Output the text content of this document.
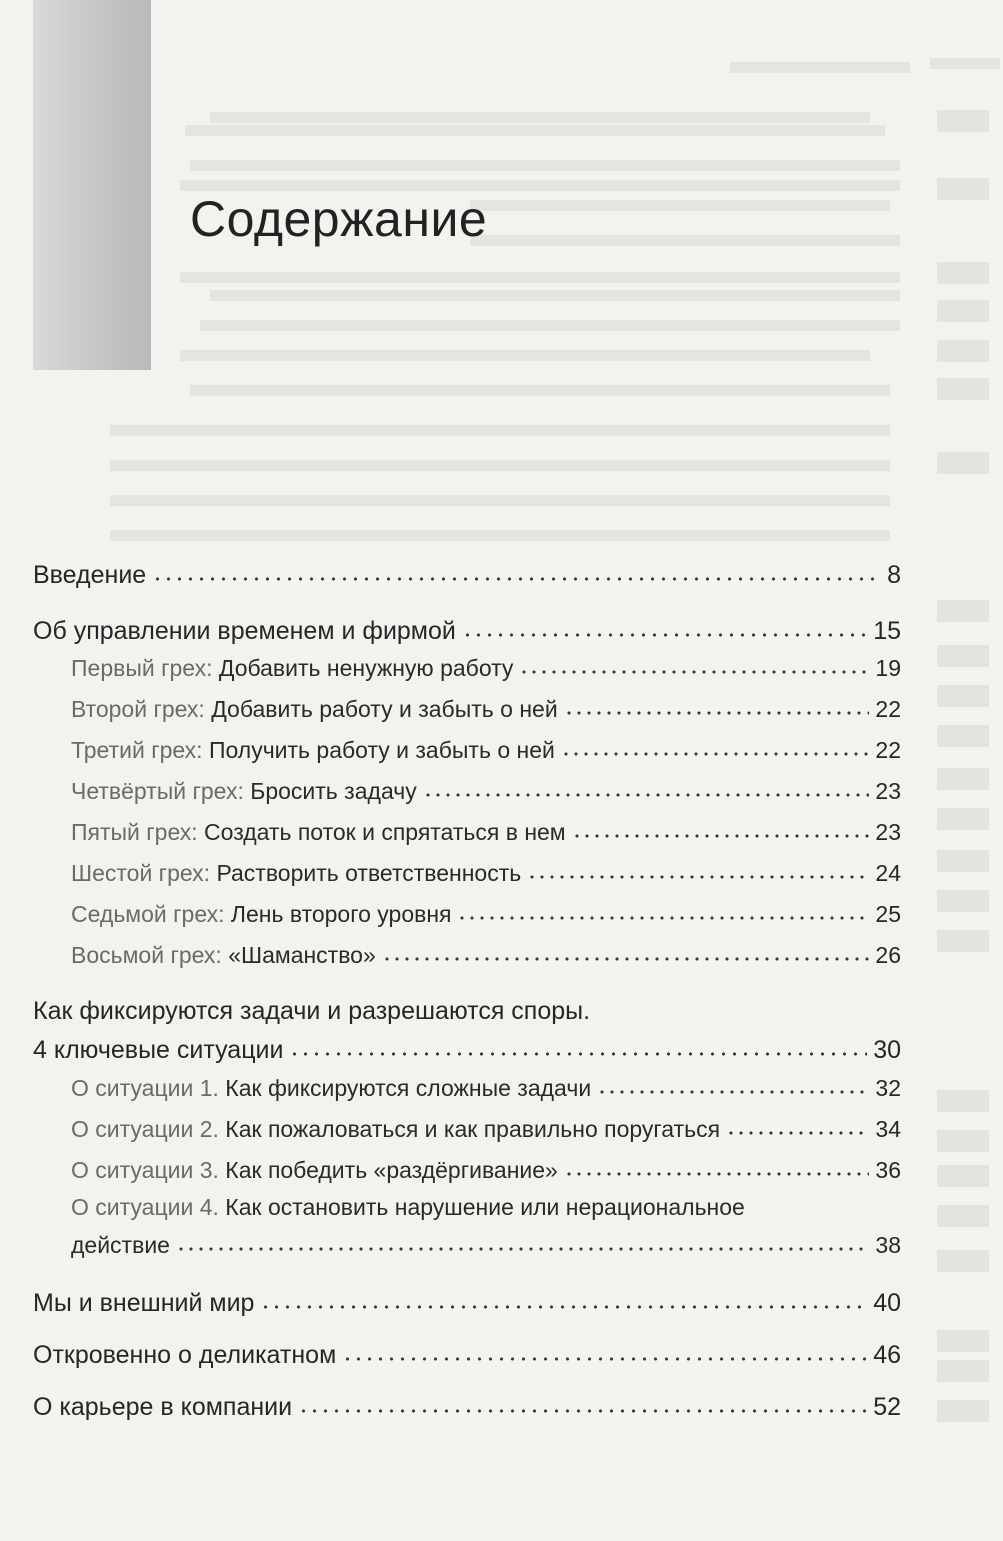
Содержание
Введение	8
Об управлении временем и фирмой	15
Первый грех: Добавить ненужную работу	19
Второй грех: Добавить работу и забыть о ней	22
Третий грех: Получить работу и забыть о ней	22
Четвёртый грех: Бросить задачу	23
Пятый грех: Создать поток и спрятаться в нем	23
Шестой грех: Растворить ответственность	24
Седьмой грех: Лень второго уровня	25
Восьмой грех: «Шаманство»	26
Как фиксируются задачи и разрешаются споры.
4 ключевые ситуации	30
О ситуации 1. Как фиксируются сложные задачи	32
О ситуации 2. Как пожаловаться и как правильно поругаться	34
О ситуации 3. Как победить «раздёргивание»	36
О ситуации 4. Как остановить нарушение или нерациональное
действие	38
Мы и внешний мир	40
Откровенно о деликатном	46
О карьере в компании	52
